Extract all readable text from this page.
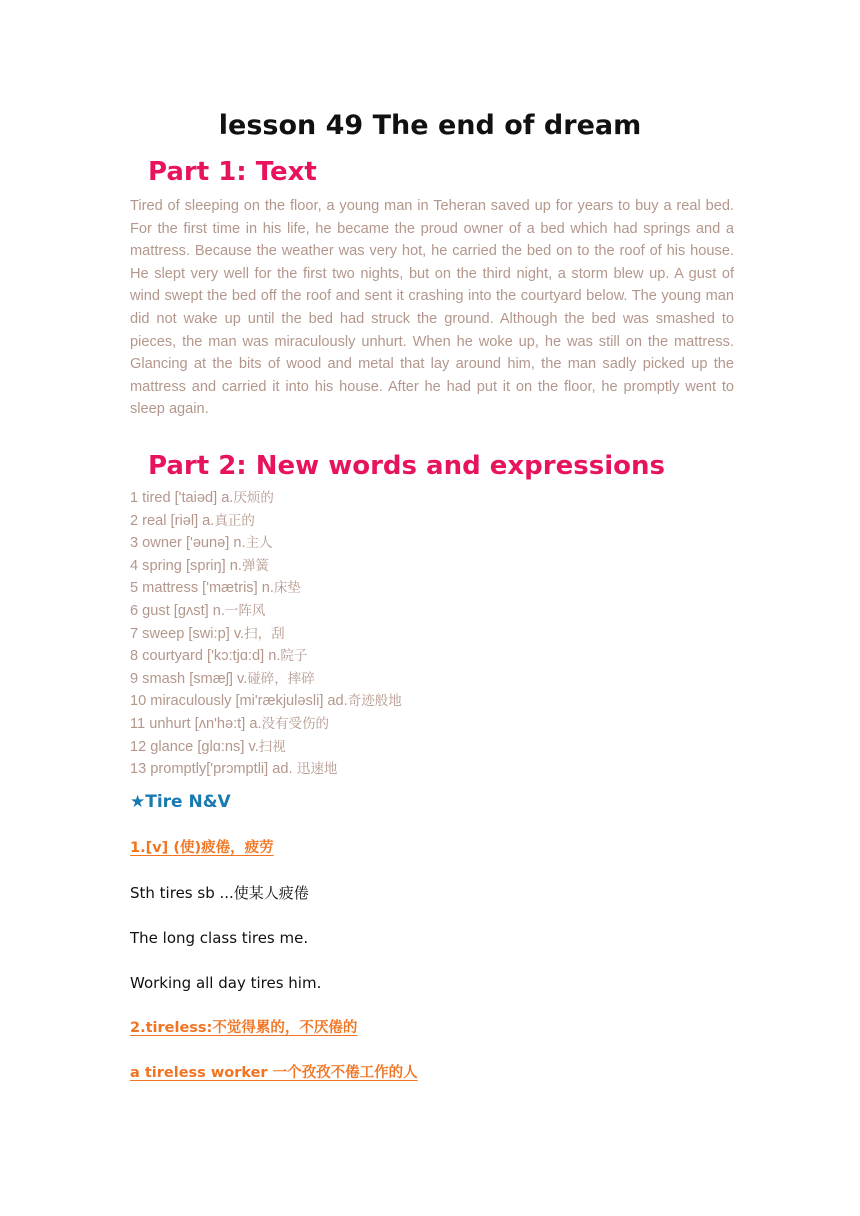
lesson 49 The end of dream
Part 1: Text

Tired of sleeping on the floor, a young man in Teheran saved up for years to buy a real bed. For the first time in his life, he became the proud owner of a bed which had springs and a mattress. Because the weather was very hot, he carried the bed on to the roof of his house. He slept very well for the first two nights, but on the third night, a storm blew up. A gust of wind swept the bed off the roof and sent it crashing into the courtyard below. The young man did not wake up until the bed had struck the ground. Although the bed was smashed to pieces, the man was miraculously unhurt. When he woke up, he was still on the mattress. Glancing at the bits of wood and metal that lay around him, the man sadly picked up the mattress and carried it into his house. After he had put it on the floor, he promptly went to sleep again.

Part 2: New words and expressions
1 tired ['taiəd] a.厌烦的
2 real [riəl] a.真正的
3 owner ['əunə] n.主人
4 spring [spriŋ] n.弹簧
5 mattress ['mætris] n.床垫
6 gust [gʌst] n.一阵风
7 sweep [swi:p] v.扫，刮
8 courtyard ['kɔ:tjɑ:d] n.院子
9 smash [smæʃ] v.碰碎，摔碎
10 miraculously [mi'rækjuləsli] ad.奇迹般地
11 unhurt [ʌn'hə:t] a.没有受伤的
12 glance [glɑ:ns] v.扫视
13 promptly['prɔmptli] ad. 迅速地
★Tire N&V
1.[v] (使)疲倦，疲劳
Sth tires sb ...使某人疲倦
The long class tires me.
Working all day tires him.
2.tireless:不觉得累的，不厌倦的
a tireless worker 一个孜孜不倦工作的人
